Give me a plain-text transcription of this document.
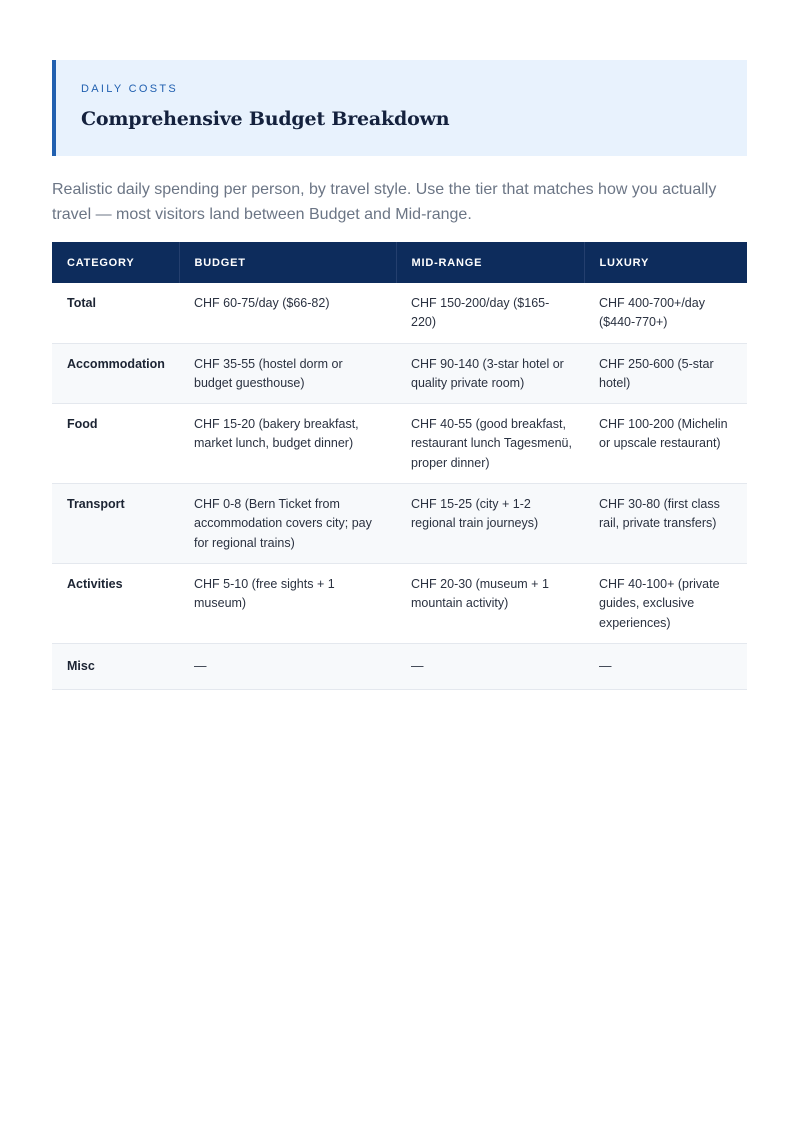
DAILY COSTS
Comprehensive Budget Breakdown
Realistic daily spending per person, by travel style. Use the tier that matches how you actually travel — most visitors land between Budget and Mid-range.
CATEGORY	BUDGET	MID-RANGE	LUXURY
Total	CHF 60-75/day ($66-82)	CHF 150-200/day ($165-220)	CHF 400-700+/day ($440-770+)
Accommodation	CHF 35-55 (hostel dorm or budget guesthouse)	CHF 90-140 (3-star hotel or quality private room)	CHF 250-600 (5-star hotel)
Food	CHF 15-20 (bakery breakfast, market lunch, budget dinner)	CHF 40-55 (good breakfast, restaurant lunch Tagesmenü, proper dinner)	CHF 100-200 (Michelin or upscale restaurant)
Transport	CHF 0-8 (Bern Ticket from accommodation covers city; pay for regional trains)	CHF 15-25 (city + 1-2 regional train journeys)	CHF 30-80 (first class rail, private transfers)
Activities	CHF 5-10 (free sights + 1 museum)	CHF 20-30 (museum + 1 mountain activity)	CHF 40-100+ (private guides, exclusive experiences)
Misc	—	—	—
